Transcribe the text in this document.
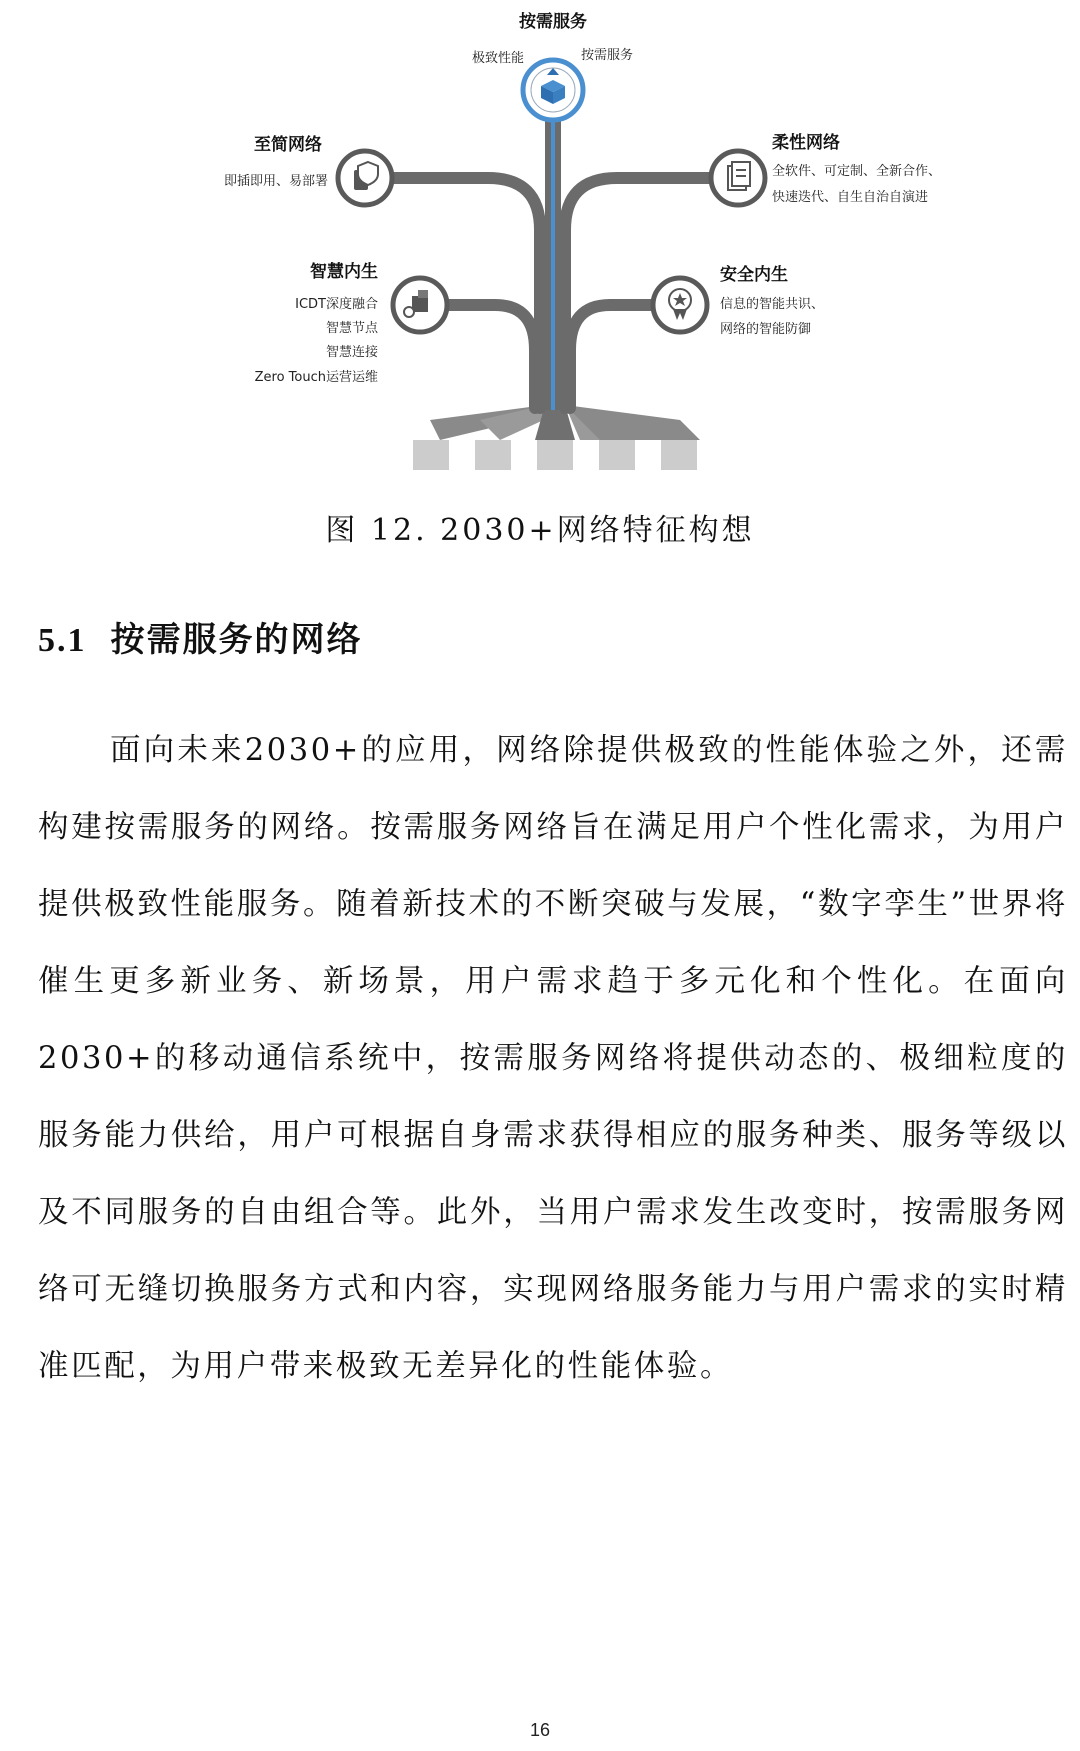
按需服务
极致性能	按需服务
至简网络
即插即用、易部署
柔性网络
全软件、可定制、全新合作、
快速迭代、自生自治自演进
智慧内生
ICDT深度融合
智慧节点
智慧连接
Zero Touch运营运维
安全内生
信息的智能共识、
网络的智能防御
图 12. 2030+网络特征构想
5.1 按需服务的网络

面向未来2030+的应用，网络除提供极致的性能体验之外，还需构建按需服务的网络。按需服务网络旨在满足用户个性化需求，为用户提供极致性能服务。随着新技术的不断突破与发展，“数字孪生”世界将催生更多新业务、新场景，用户需求趋于多元化和个性化。在面向2030+的移动通信系统中，按需服务网络将提供动态的、极细粒度的服务能力供给，用户可根据自身需求获得相应的服务种类、服务等级以及不同服务的自由组合等。此外，当用户需求发生改变时，按需服务网络可无缝切换服务方式和内容，实现网络服务能力与用户需求的实时精准匹配，为用户带来极致无差异化的性能体验。

16
